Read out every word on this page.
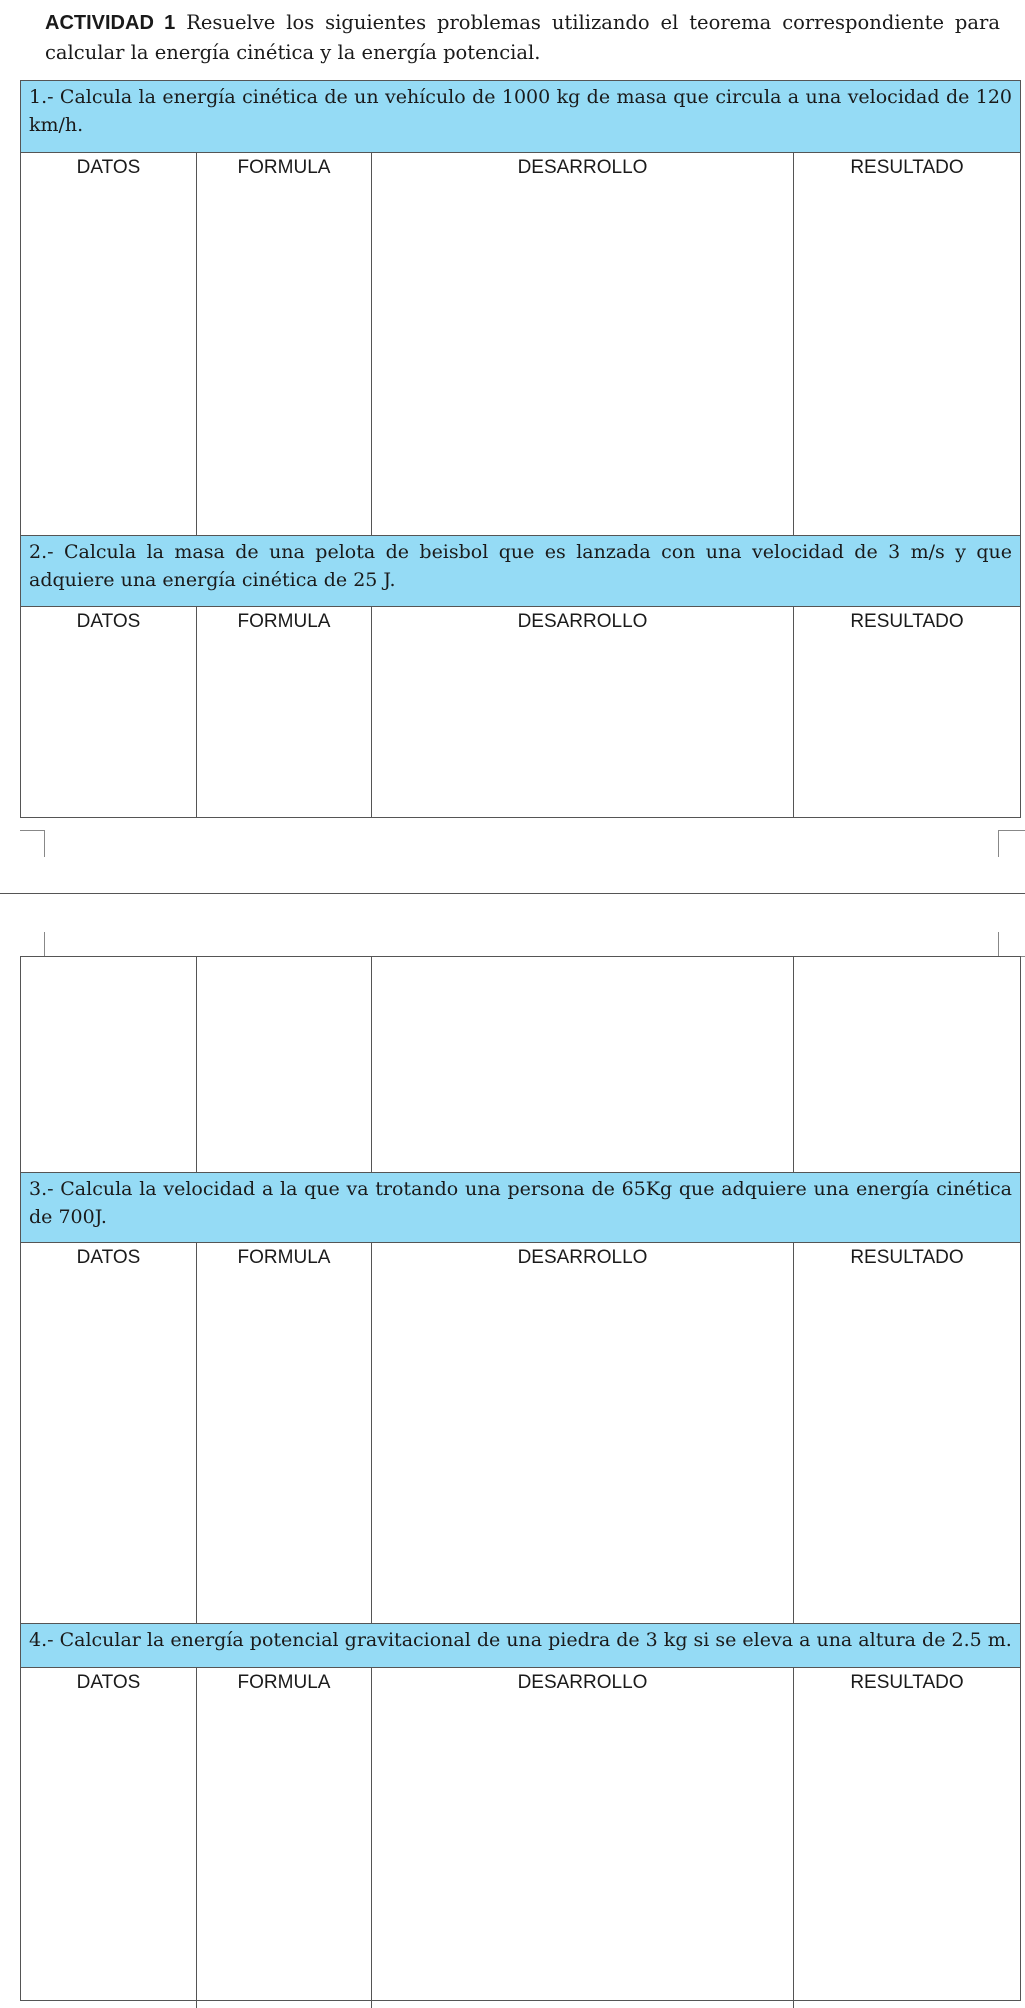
ACTIVIDAD 1 Resuelve los siguientes problemas utilizando el teorema correspondiente para calcular la energía cinética y la energía potencial.
1.- Calcula la energía cinética de un vehículo de 1000 kg de masa que circula a una velocidad de 120 km/h.
DATOS	FORMULA	DESARROLLO	RESULTADO
2.- Calcula la masa de una pelota de beisbol que es lanzada con una velocidad de 3 m/s y que adquiere una energía cinética de 25 J.
DATOS	FORMULA	DESARROLLO	RESULTADO
3.- Calcula la velocidad a la que va trotando una persona de 65Kg que adquiere una energía cinética de 700J.
DATOS	FORMULA	DESARROLLO	RESULTADO
4.- Calcular la energía potencial gravitacional de una piedra de 3 kg si se eleva a una altura de 2.5 m.
DATOS	FORMULA	DESARROLLO	RESULTADO
